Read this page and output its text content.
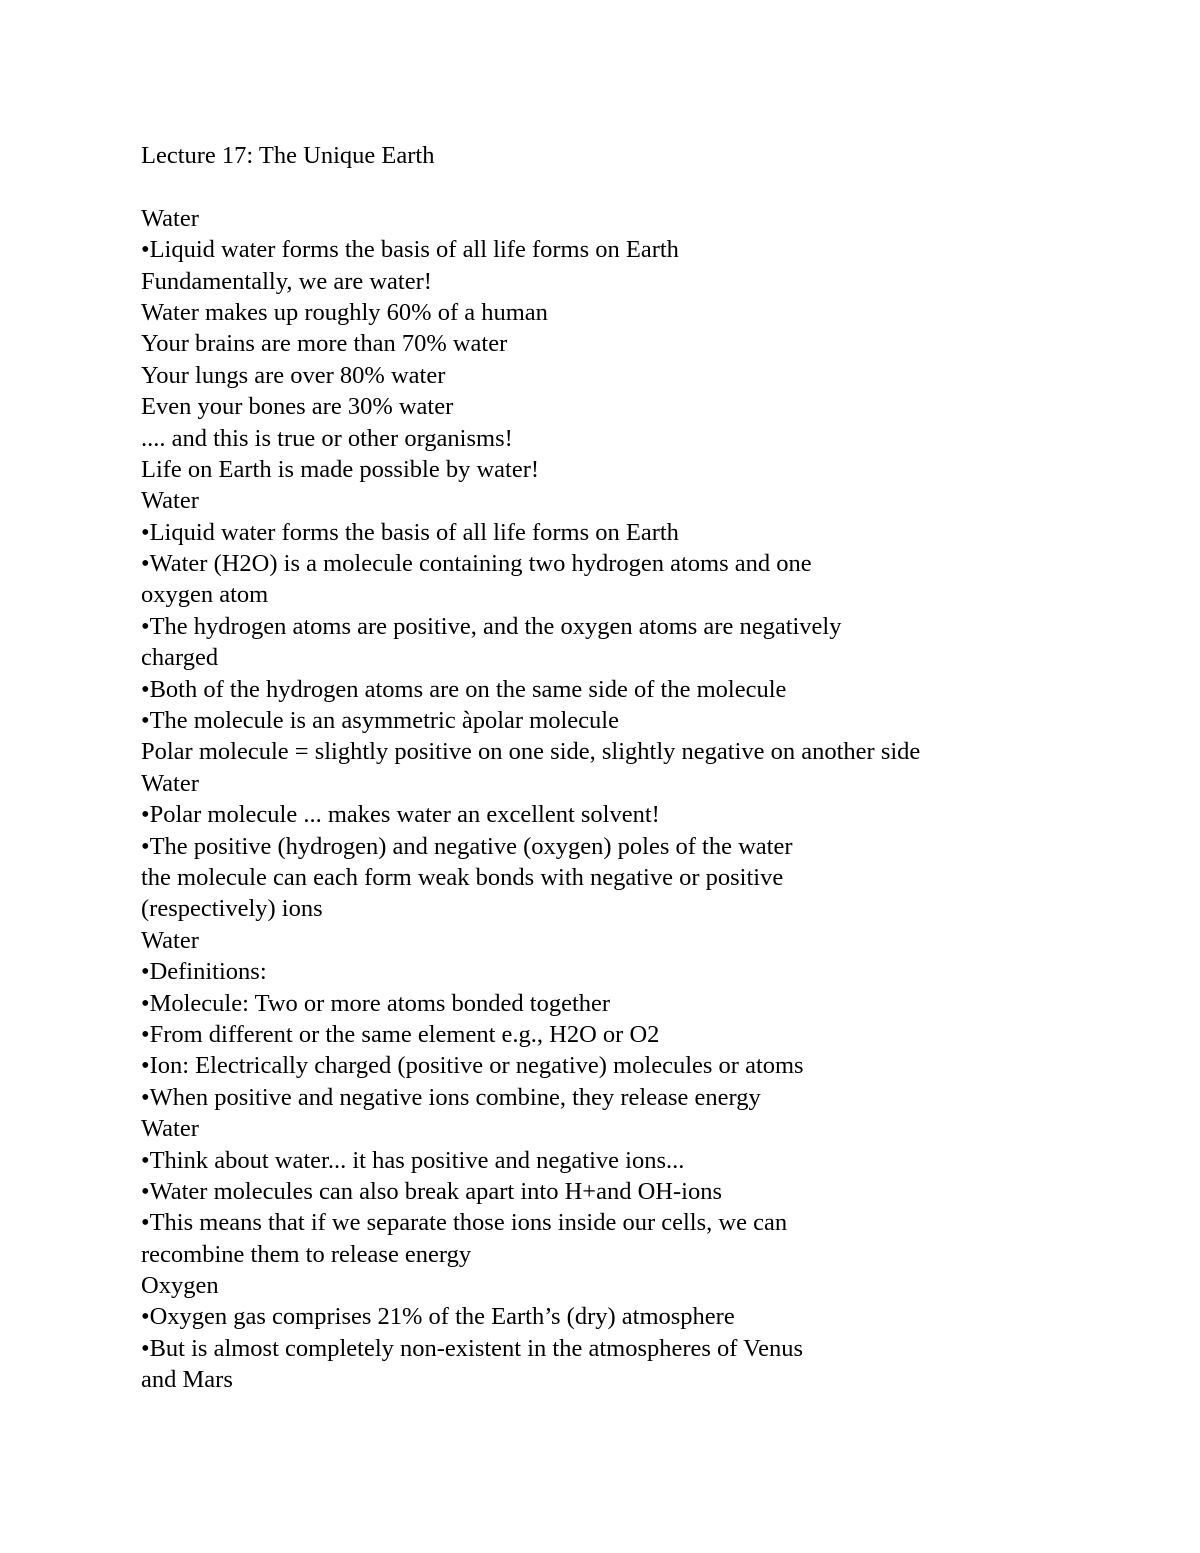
Lecture 17: The Unique Earth
Water
•Liquid water forms the basis of all life forms on Earth
Fundamentally, we are water!
Water makes up roughly 60% of a human
Your brains are more than 70% water
Your lungs are over 80% water
Even your bones are 30% water
.... and this is true or other organisms!
Life on Earth is made possible by water!
Water
•Liquid water forms the basis of all life forms on Earth
•Water (H2O) is a molecule containing two hydrogen atoms and one
oxygen atom
•The hydrogen atoms are positive, and the oxygen atoms are negatively
charged
•Both of the hydrogen atoms are on the same side of the molecule
•The molecule is an asymmetric àpolar molecule
Polar molecule = slightly positive on one side, slightly negative on another side
Water
•Polar molecule ... makes water an excellent solvent!
•The positive (hydrogen) and negative (oxygen) poles of the water
the molecule can each form weak bonds with negative or positive
(respectively) ions
Water
•Definitions:
•Molecule: Two or more atoms bonded together
•From different or the same element e.g., H2O or O2
•Ion: Electrically charged (positive or negative) molecules or atoms
•When positive and negative ions combine, they release energy
Water
•Think about water... it has positive and negative ions...
•Water molecules can also break apart into H+and OH-ions
•This means that if we separate those ions inside our cells, we can
recombine them to release energy
Oxygen
•Oxygen gas comprises 21% of the Earth’s (dry) atmosphere
•But is almost completely non-existent in the atmospheres of Venus
and Mars
